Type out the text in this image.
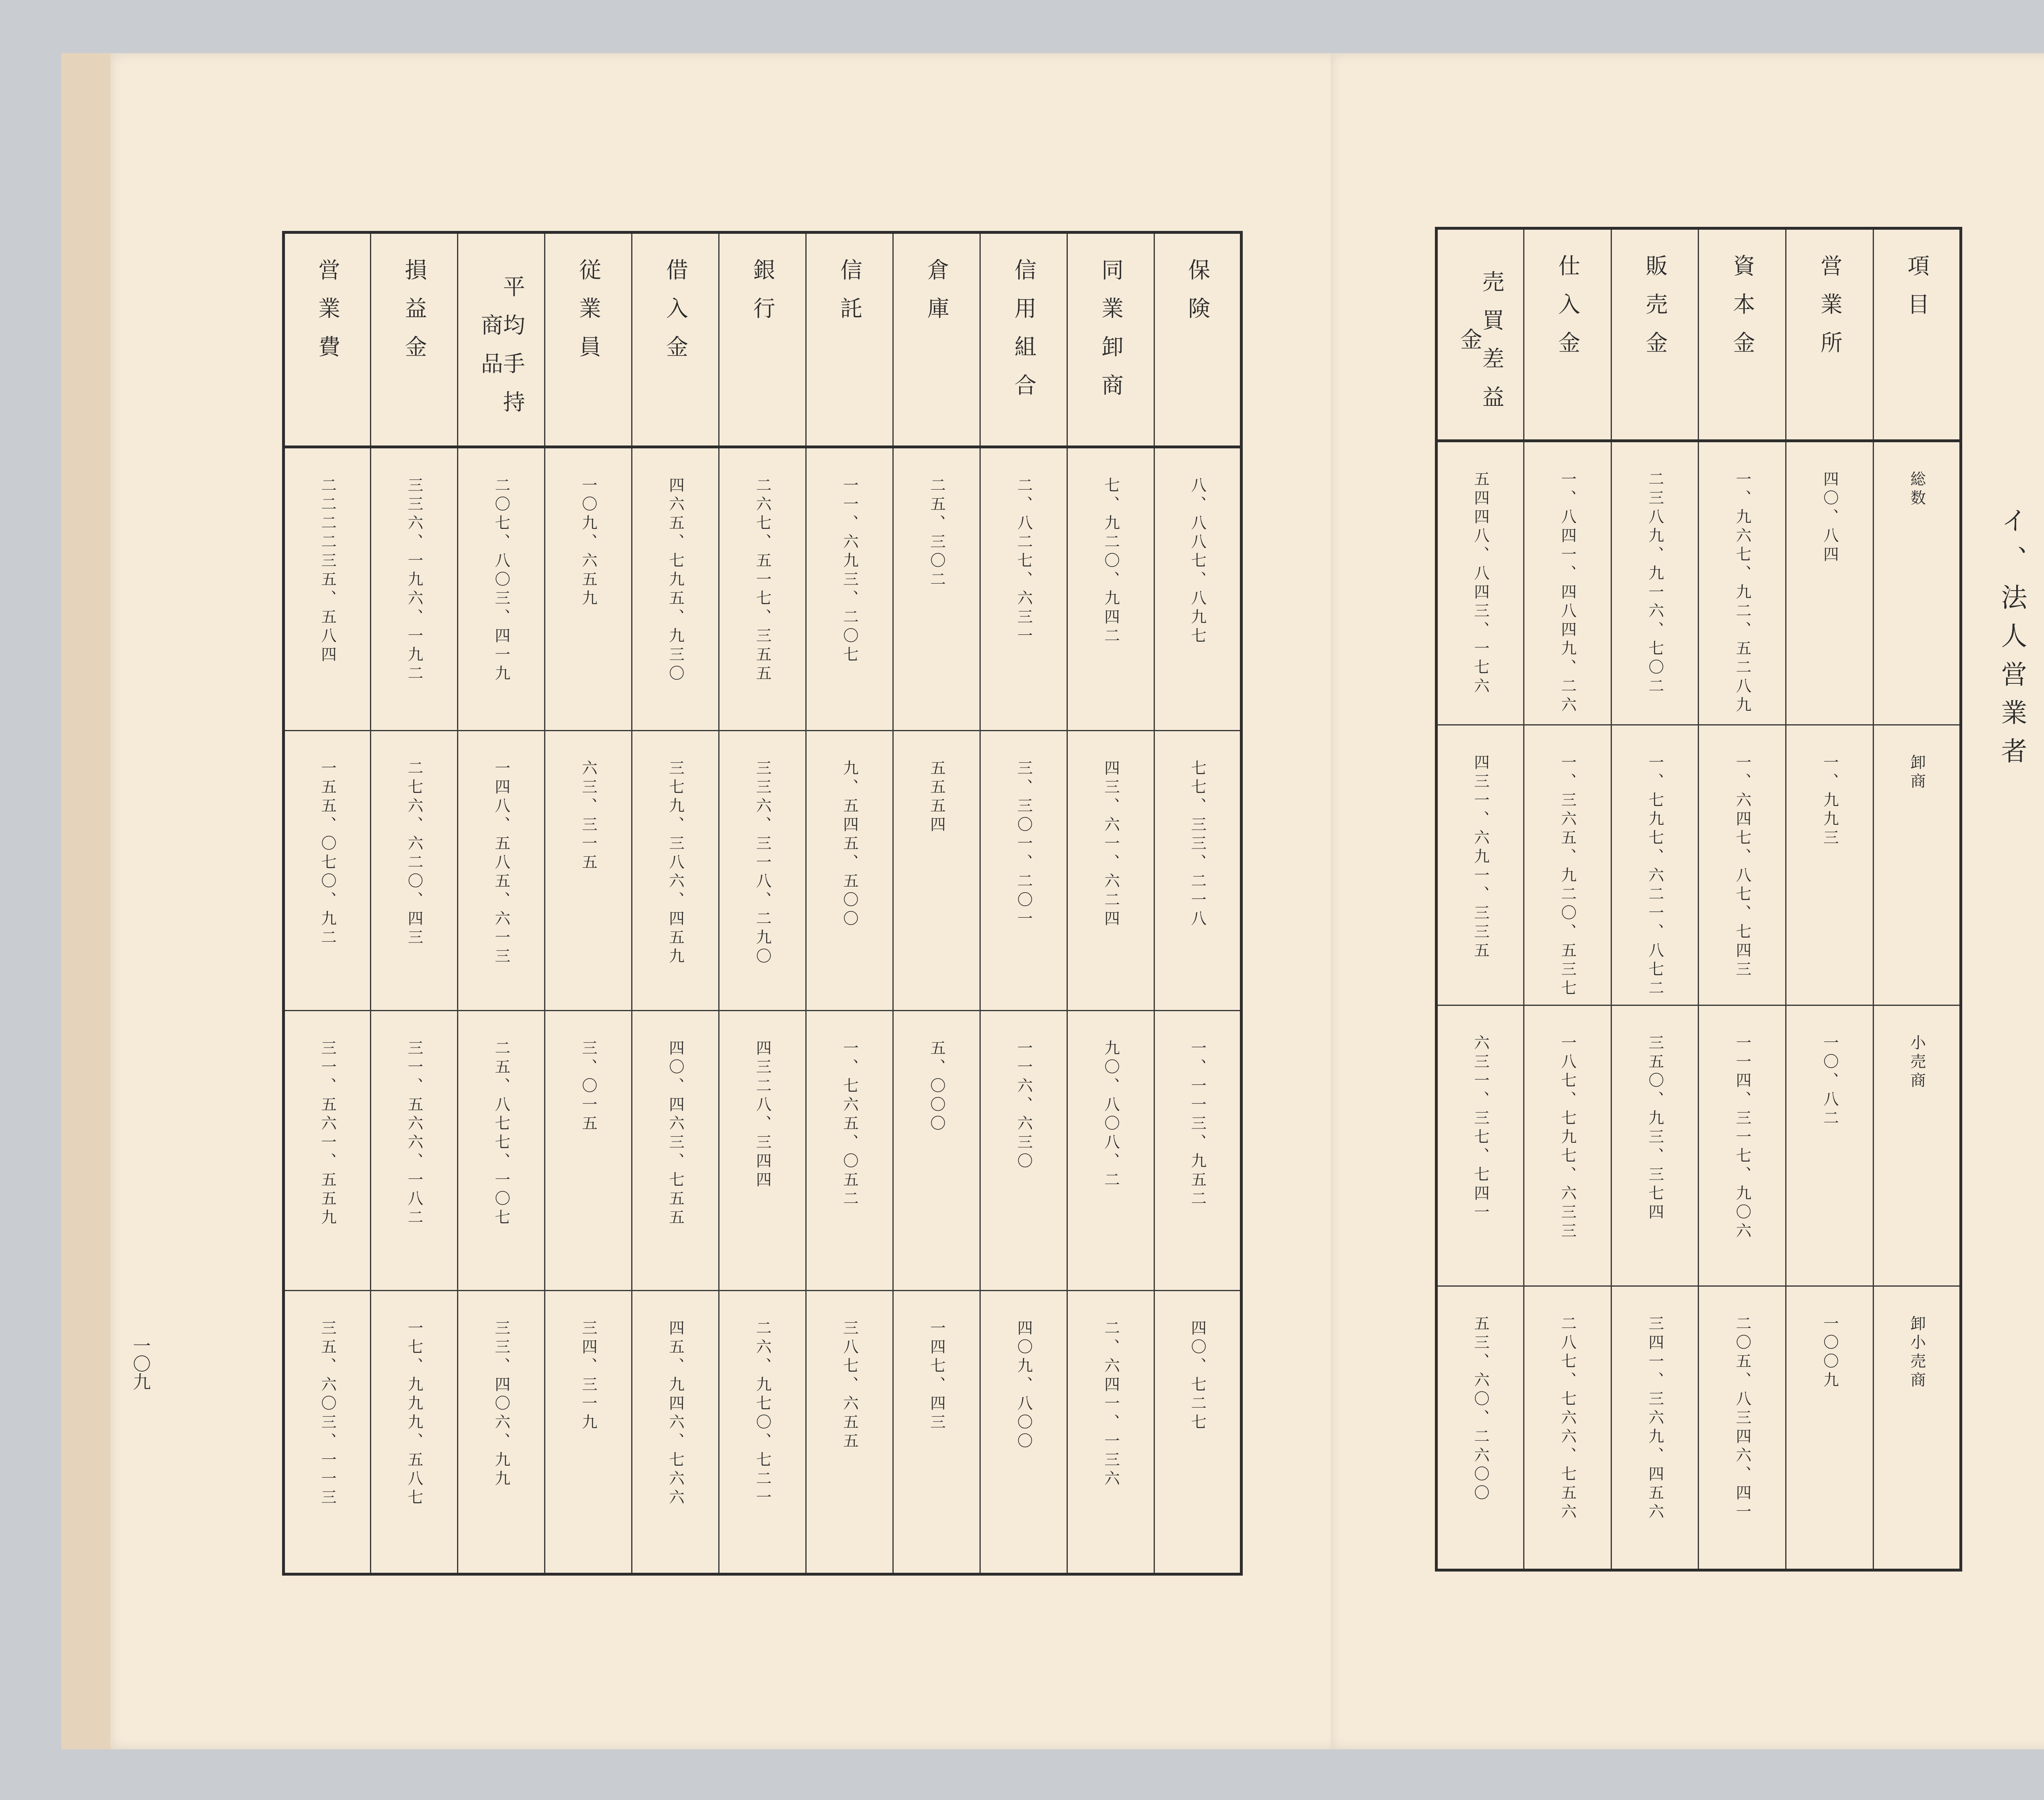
一〇九
営業費	損益金	平均手持商品	従業員	借入金	銀行	信託	倉庫	信用組合	同業卸商	保険
二二二二三五、五八四	三三六、一九六、一九二	二〇七、八〇三、四一九	一〇九、六五九	四六五、七九五、九三〇	二六七、五一七、三五五	一一、六九三、二〇七	二五、三〇二	二、八二七、六三一	七、九二〇、九四二	八、八八七、八九七
一五五、〇七〇、九二	二七六、六二〇、四三	一四八、五八五、六一三	六三、三一五	三七九、三八六、四五九	三三六、三一八、二九〇	九、五四五、五〇〇	五五五四	三、三〇一、二〇一	四三、六一、六二四	七七、三三、二一八
三一、五六一、五五九	三一、五六六、一八二	二五、八七七、一〇七	三、〇一五	四〇、四六三、七五五	四三二八、三四四	一、七六五、〇五二	五、〇〇〇	一一六、六三〇	九〇、八〇八、二	一、一一三、九五二
三五、六〇三、一一三	一七、九九九、五八七	三三、四〇六、九九	三四、三一九	四五、九四六、七六六	二六、九七〇、七二一	三八七、六五五	一四七、四三	四〇九、八〇〇	二、六四一、一三六	四〇、七二七
売買差益金	仕入金	販売金	資本金	営業所	項目
五四四八、八四三、一七六	一、八四一、四八四九、二六	二三八九、九一六、七〇二	一、九六七、九二、五二八九	四〇、八四	総数
四三一、六九一、三三五	一、三六五、九二〇、五三七	一、七九七、六二一、八七二	一、六四七、八七、七四三	一、九九三	卸商
六三一、三七、七四一	一八七、七九七、六三三	三五〇、九三、三七四	一一四、三一七、九〇六	一〇、八二	小売商
五三、六〇、二六〇〇	二八七、七六六、七五六	三四一、三六九、四五六	二〇五、八三四六、四一	一〇〇九	卸小売商
イ、法人営業者
